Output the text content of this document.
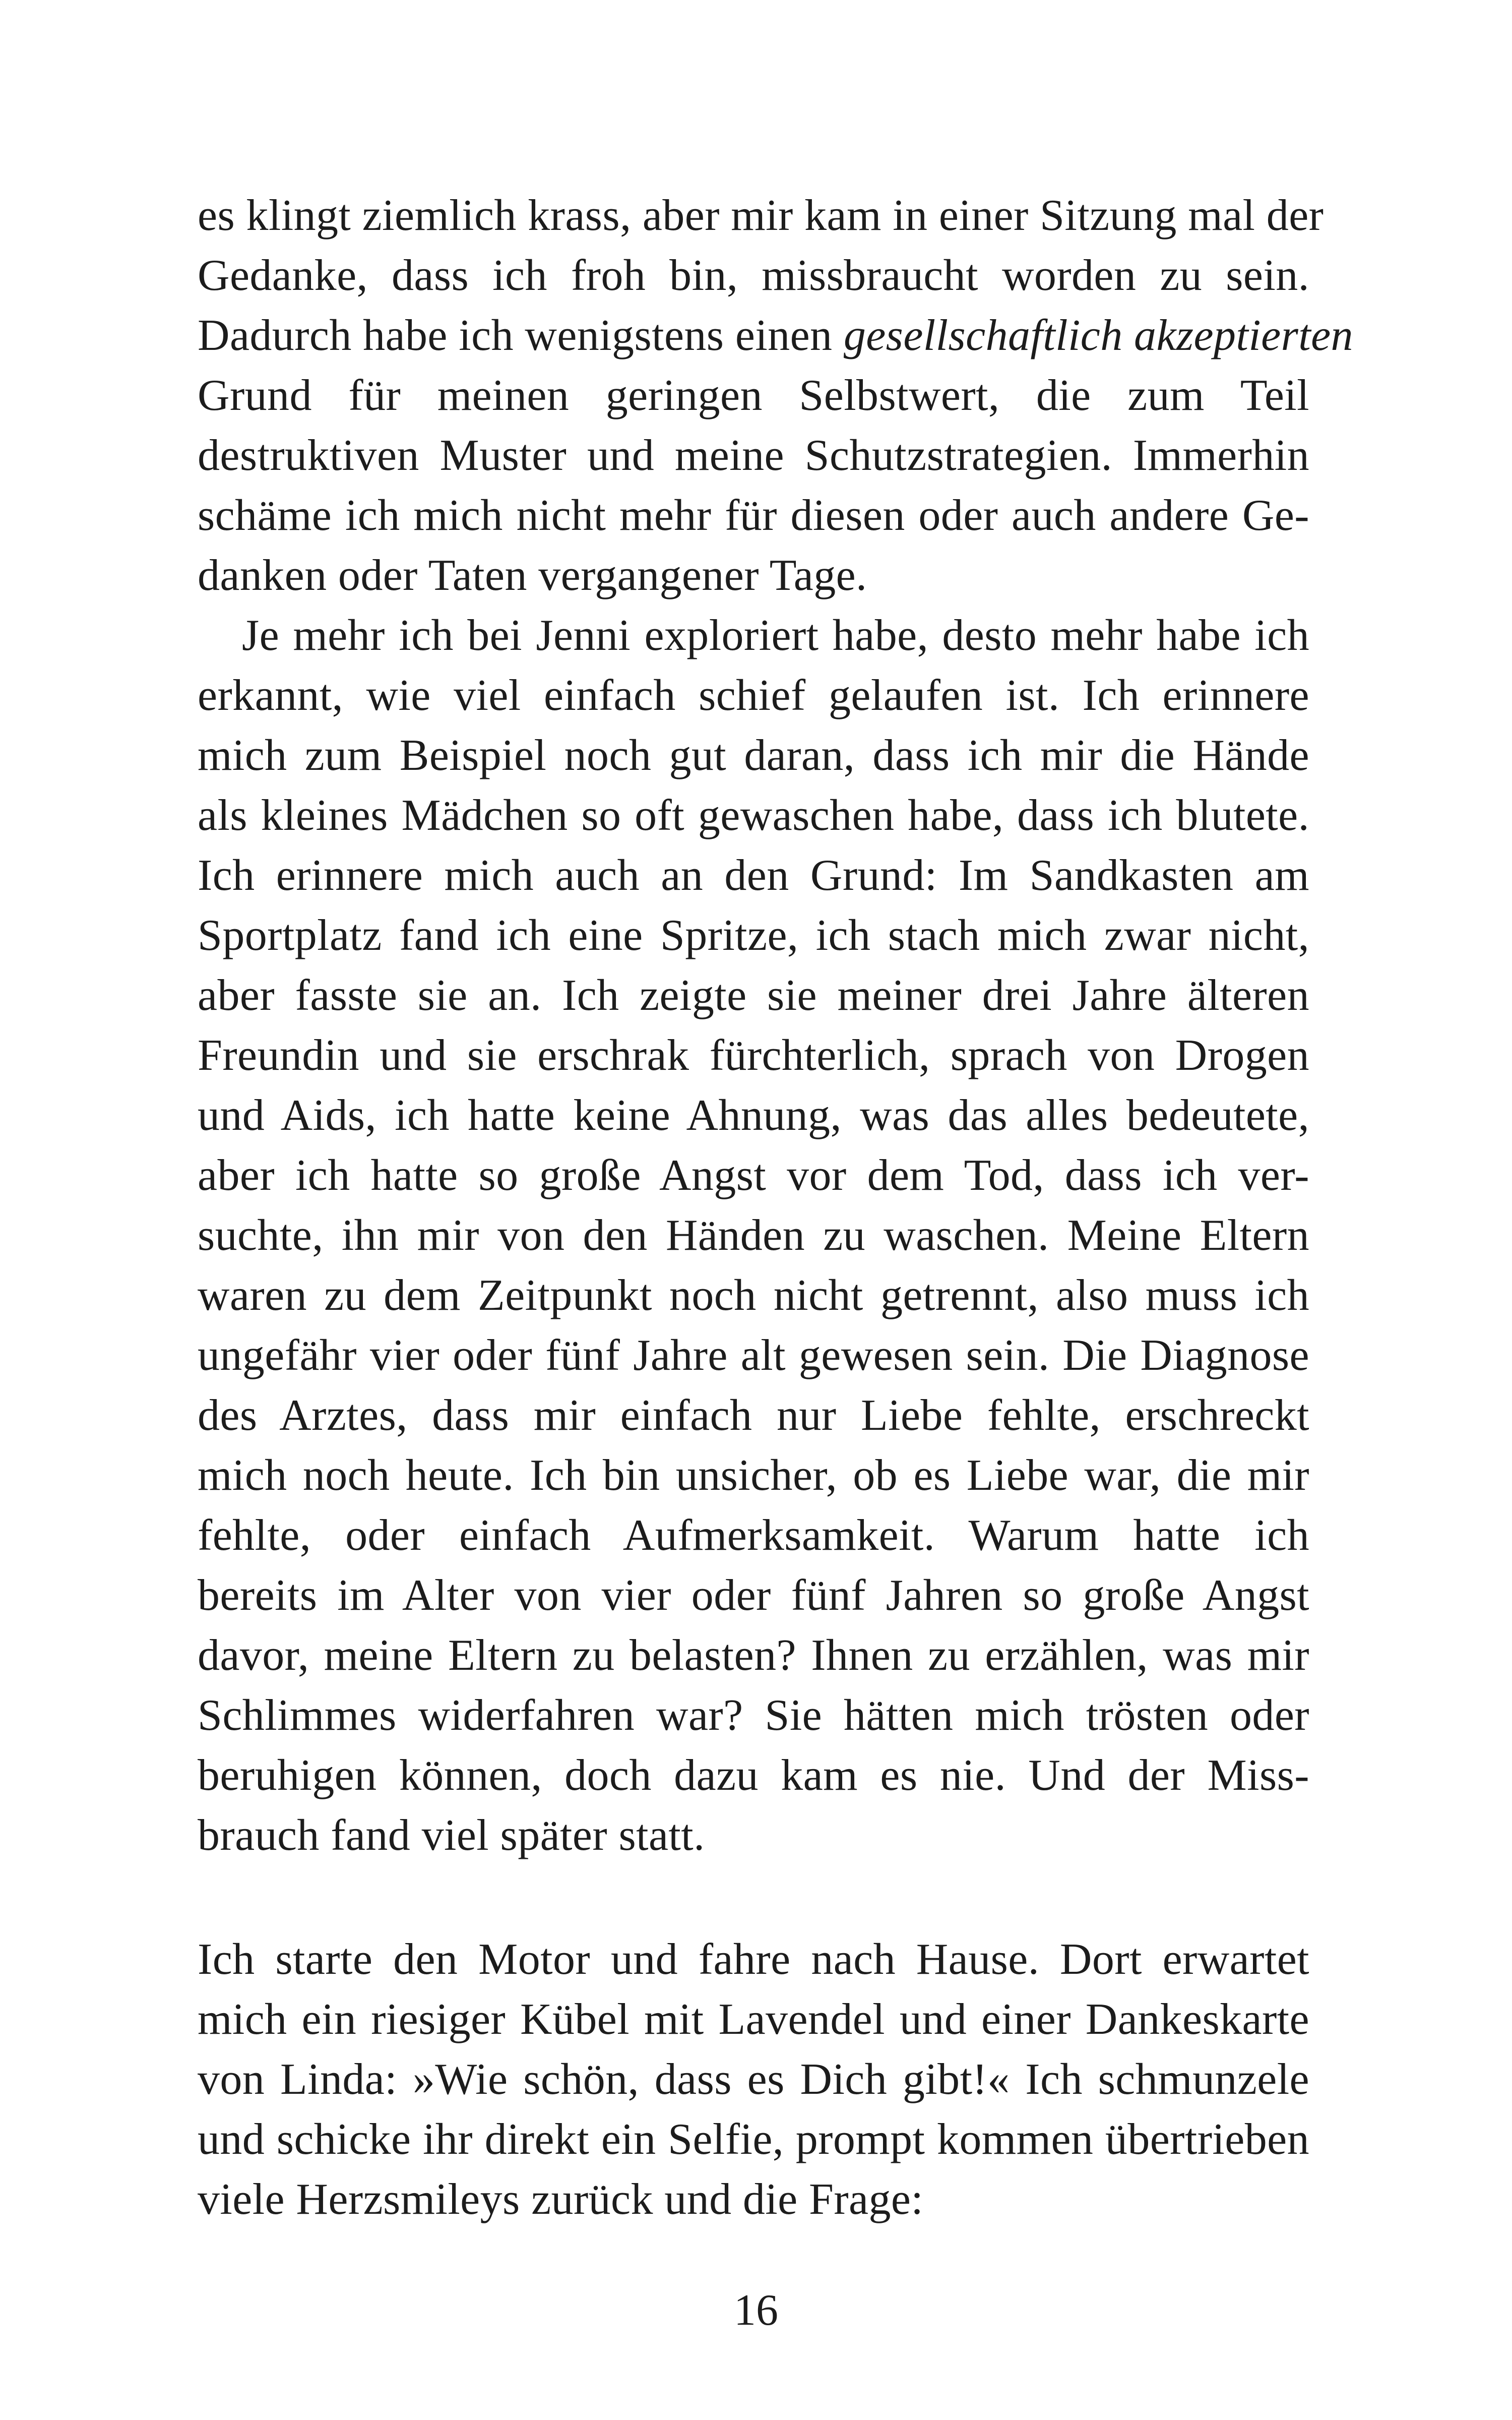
es klingt ziemlich krass, aber mir kam in einer Sitzung mal der
Gedanke, dass ich froh bin, missbraucht worden zu sein.
Dadurch habe ich wenigstens einen gesellschaftlich akzeptierten
Grund für meinen geringen Selbstwert, die zum Teil
destruktiven Muster und meine Schutzstrategien. Immerhin
schäme ich mich nicht mehr für diesen oder auch andere Ge-
danken oder Taten vergangener Tage.
Je mehr ich bei Jenni exploriert habe, desto mehr habe ich
erkannt, wie viel einfach schief gelaufen ist. Ich erinnere
mich zum Beispiel noch gut daran, dass ich mir die Hände
als kleines Mädchen so oft gewaschen habe, dass ich blutete.
Ich erinnere mich auch an den Grund: Im Sandkasten am
Sportplatz fand ich eine Spritze, ich stach mich zwar nicht,
aber fasste sie an. Ich zeigte sie meiner drei Jahre älteren
Freundin und sie erschrak fürchterlich, sprach von Drogen
und Aids, ich hatte keine Ahnung, was das alles bedeutete,
aber ich hatte so große Angst vor dem Tod, dass ich ver-
suchte, ihn mir von den Händen zu waschen. Meine Eltern
waren zu dem Zeitpunkt noch nicht getrennt, also muss ich
ungefähr vier oder fünf Jahre alt gewesen sein. Die Diagnose
des Arztes, dass mir einfach nur Liebe fehlte, erschreckt
mich noch heute. Ich bin unsicher, ob es Liebe war, die mir
fehlte, oder einfach Aufmerksamkeit. Warum hatte ich
bereits im Alter von vier oder fünf Jahren so große Angst
davor, meine Eltern zu belasten? Ihnen zu erzählen, was mir
Schlimmes widerfahren war? Sie hätten mich trösten oder
beruhigen können, doch dazu kam es nie. Und der Miss-
brauch fand viel später statt.
Ich starte den Motor und fahre nach Hause. Dort erwartet
mich ein riesiger Kübel mit Lavendel und einer Dankeskarte
von Linda: »Wie schön, dass es Dich gibt!« Ich schmunzele
und schicke ihr direkt ein Selfie, prompt kommen übertrieben
viele Herzsmileys zurück und die Frage:
16
